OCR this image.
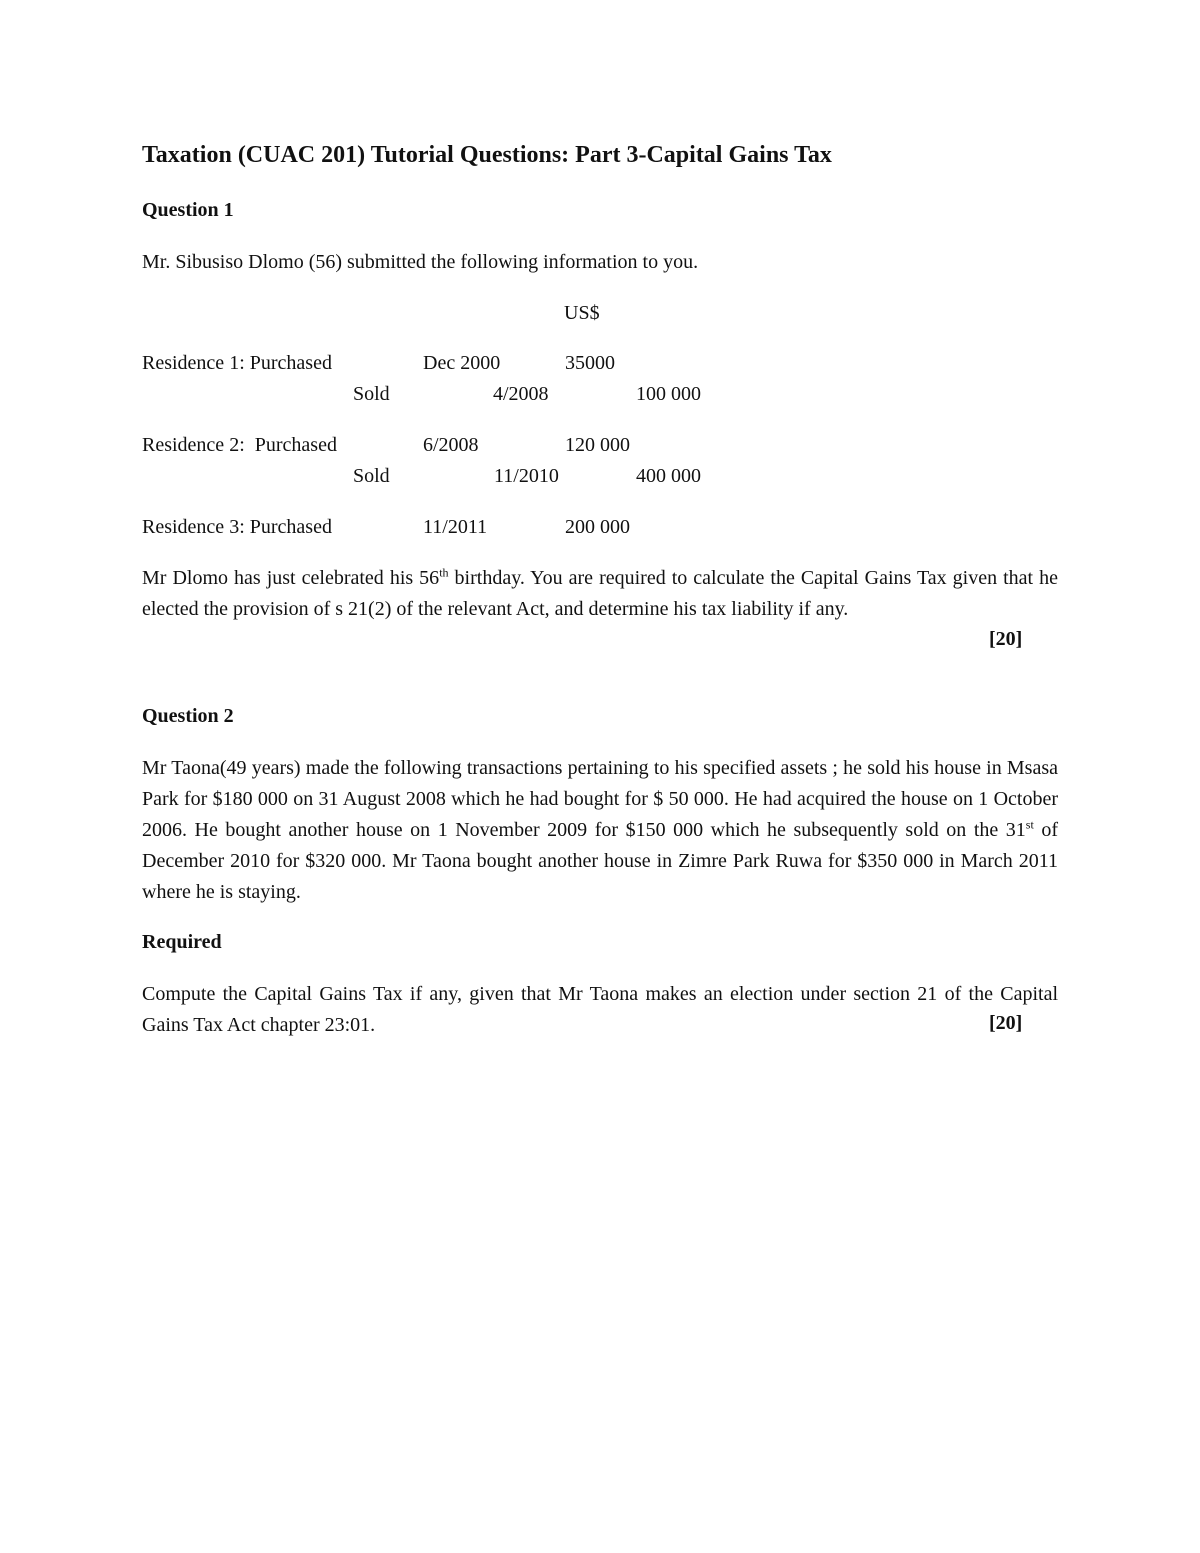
Taxation (CUAC 201) Tutorial Questions: Part 3-Capital Gains Tax
Question 1
Mr. Sibusiso Dlomo (56) submitted the following information to you.
US$
Residence 1: Purchased	Dec 2000	35000
Sold	4/2008	100 000
Residence 2:  Purchased	6/2008	120 000
Sold	11/2010	400 000
Residence 3: Purchased	11/2011	200 000
Mr Dlomo has just celebrated his 56th birthday. You are required to calculate the Capital Gains Tax given that he elected the provision of s 21(2) of the relevant Act, and determine his tax liability if any.
[20]
Question 2
Mr Taona(49 years) made the following transactions pertaining to his specified assets ; he sold his house in Msasa Park for $180 000 on 31 August 2008 which he had bought for $ 50 000. He had acquired the house on 1 October 2006. He bought another house on 1 November 2009 for $150 000 which he subsequently sold on the 31st of December 2010 for $320 000. Mr Taona bought another house in Zimre Park Ruwa for $350 000 in March 2011 where he is staying.
Required
Compute the Capital Gains Tax if any, given that Mr Taona makes an election under section 21 of the Capital Gains Tax Act chapter 23:01.	[20]
